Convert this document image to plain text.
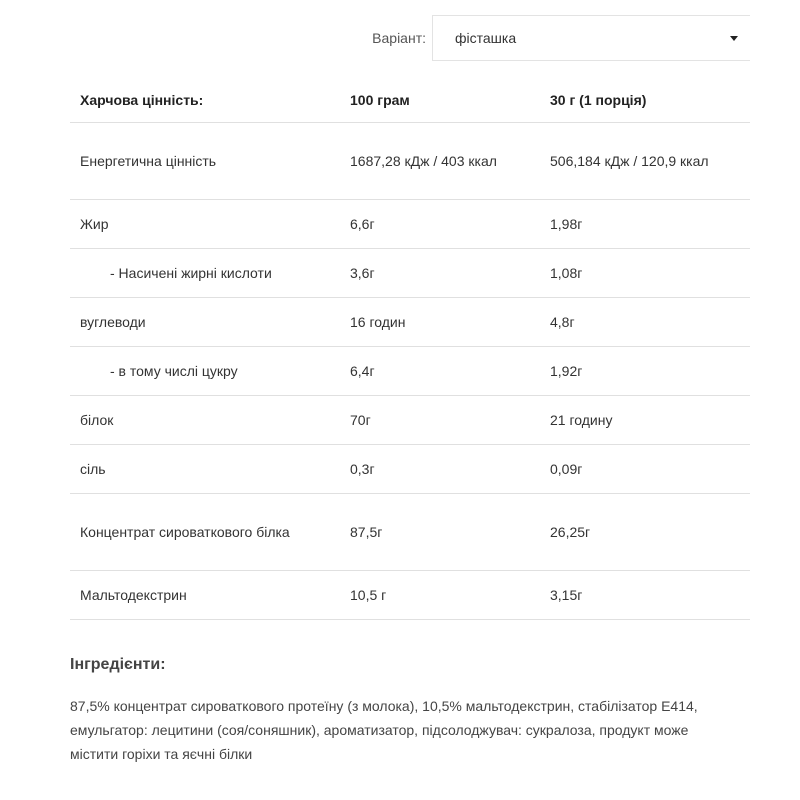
Варіант:	фісташка
Харчова цінність:	100 грам	30 г (1 порція)
Енергетична цінність	1687,28 кДж / 403 ккал	506,184 кДж / 120,9 ккал
Жир	6,6г	1,98г
- Насичені жирні кислоти	3,6г	1,08г
вуглеводи	16 годин	4,8г
- в тому числі цукру	6,4г	1,92г
білок	70г	21 годину
сіль	0,3г	0,09г
Концентрат сироваткового білка	87,5г	26,25г
Мальтодекстрин	10,5 г	3,15г
Інгредієнти:
87,5% концентрат сироваткового протеїну (з молока), 10,5% мальтодекстрин, стабілізатор Е414, емульгатор: лецитини (соя/соняшник), ароматизатор, підсолоджувач: сукралоза, продукт може містити горіхи та яєчні білки
